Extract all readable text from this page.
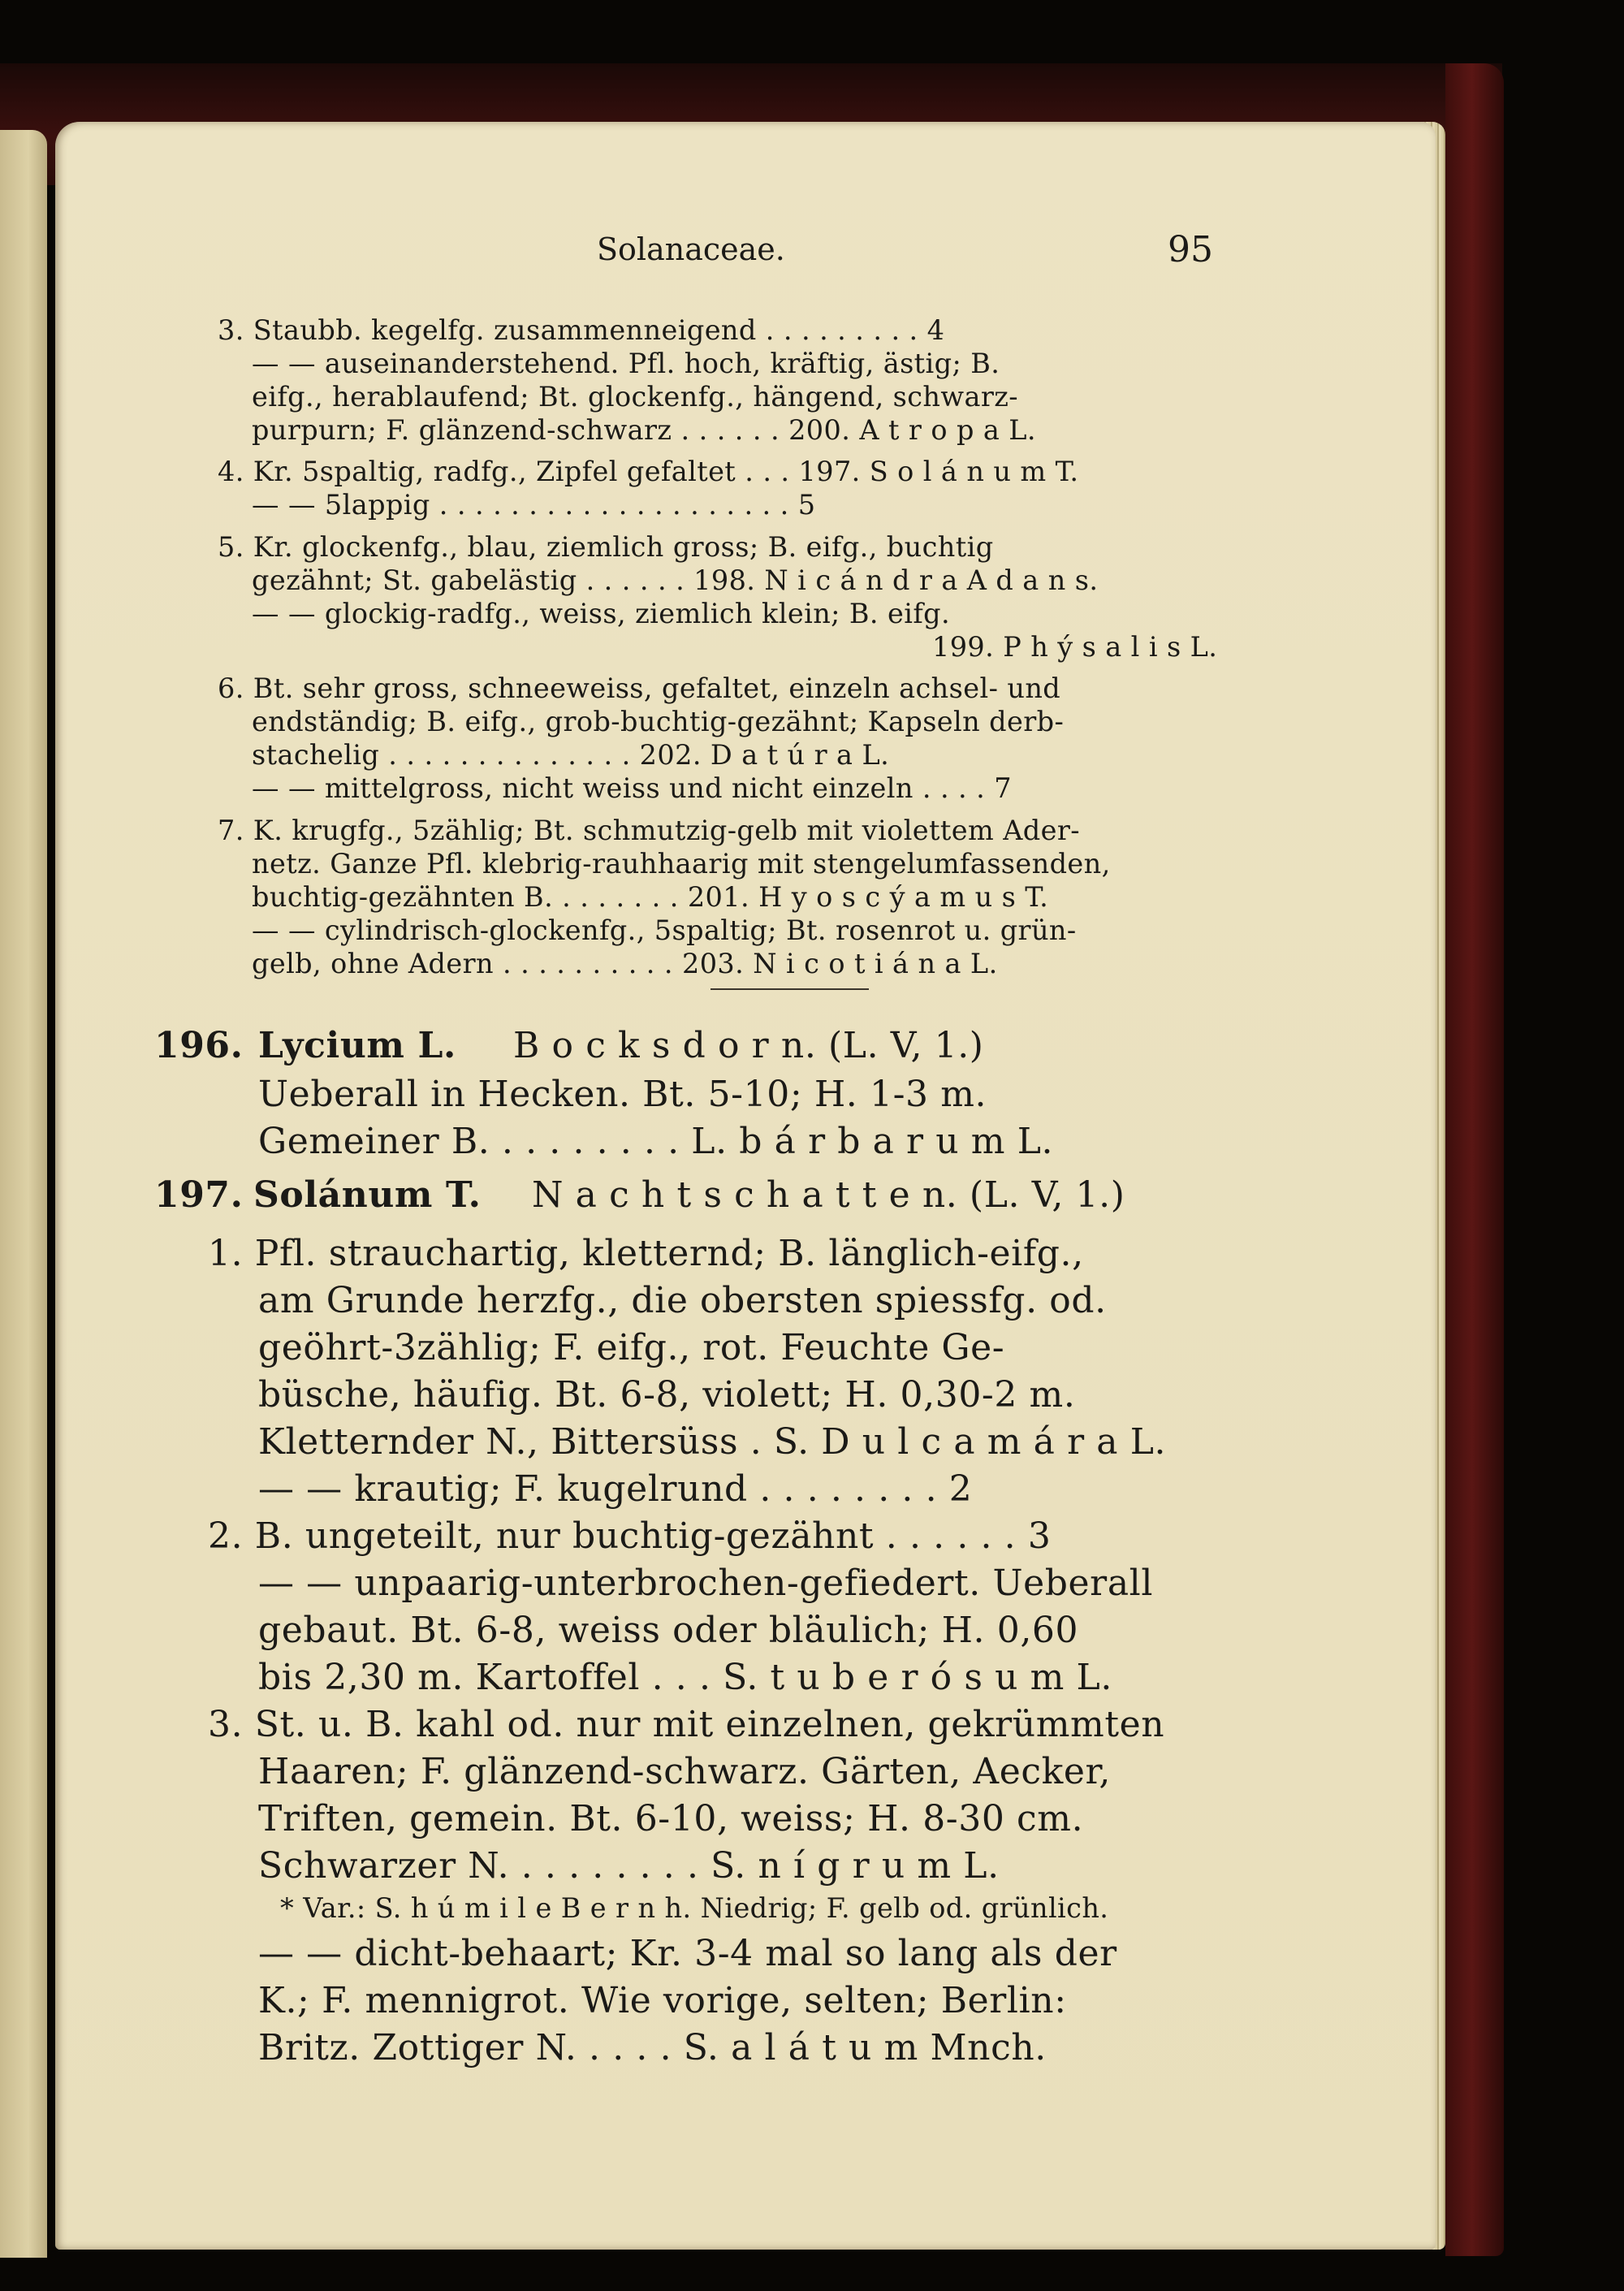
Solanaceae.	95
3. Staubb. kegelfg. zusammenneigend . . . . . . . . . 4
— — auseinanderstehend. Pfl. hoch, kräftig, ästig; B.
eifg., herablaufend; Bt. glockenfg., hängend, schwarz-
purpurn; F. glänzend-schwarz . . . . . . 200. A t r o p a L.
4. Kr. 5spaltig, radfg., Zipfel gefaltet . . . 197. S o l á n u m T.
— — 5lappig . . . . . . . . . . . . . . . . . . . . 5
5. Kr. glockenfg., blau, ziemlich gross; B. eifg., buchtig
gezähnt; St. gabelästig . . . . . . 198. N i c á n d r a A d a n s.
— — glockig-radfg., weiss, ziemlich klein; B. eifg.
199. P h ý s a l i s L.
6. Bt. sehr gross, schneeweiss, gefaltet, einzeln achsel- und
endständig; B. eifg., grob-buchtig-gezähnt; Kapseln derb-
stachelig . . . . . . . . . . . . . . 202. D a t ú r a L.
— — mittelgross, nicht weiss und nicht einzeln . . . . 7
7. K. krugfg., 5zählig; Bt. schmutzig-gelb mit violettem Ader-
netz. Ganze Pfl. klebrig-rauhhaarig mit stengelumfassenden,
buchtig-gezähnten B. . . . . . . . 201. H y o s c ý a m u s T.
— — cylindrisch-glockenfg., 5spaltig; Bt. rosenrot u. grün-
gelb, ohne Adern . . . . . . . . . . 203. N i c o t i á n a L.
196. Lycium L. B o c k s d o r n. (L. V, 1.)
Ueberall in Hecken. Bt. 5-10; H. 1-3 m.
Gemeiner B. . . . . . . . . L. b á r b a r u m L.
197. Solánum T. N a c h t s c h a t t e n. (L. V, 1.)
1. Pfl. strauchartig, kletternd; B. länglich-eifg.,
am Grunde herzfg., die obersten spiessfg. od.
geöhrt-3zählig; F. eifg., rot. Feuchte Ge-
büsche, häufig. Bt. 6-8, violett; H. 0,30-2 m.
Kletternder N., Bittersüss . S. D u l c a m á r a L.
— — krautig; F. kugelrund . . . . . . . . 2
2. B. ungeteilt, nur buchtig-gezähnt . . . . . . 3
— — unpaarig-unterbrochen-gefiedert. Ueberall
gebaut. Bt. 6-8, weiss oder bläulich; H. 0,60
bis 2,30 m. Kartoffel . . . S. t u b e r ó s u m L.
3. St. u. B. kahl od. nur mit einzelnen, gekrümmten
Haaren; F. glänzend-schwarz. Gärten, Aecker,
Triften, gemein. Bt. 6-10, weiss; H. 8-30 cm.
Schwarzer N. . . . . . . . . S. n í g r u m L.
* Var.: S. h ú m i l e B e r n h. Niedrig; F. gelb od. grünlich.
— — dicht-behaart; Kr. 3-4 mal so lang als der
K.; F. mennigrot. Wie vorige, selten; Berlin:
Britz. Zottiger N. . . . . S. a l á t u m Mnch.
